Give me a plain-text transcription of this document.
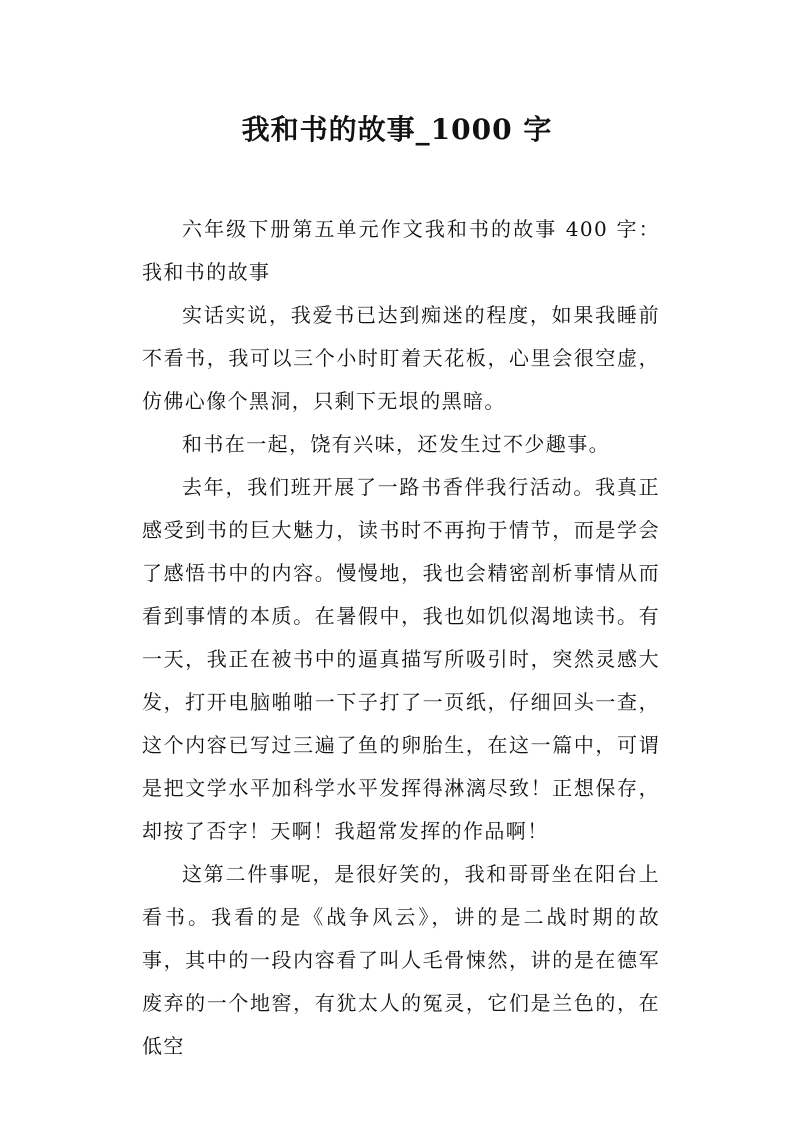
我和书的故事_1000 字

六年级下册第五单元作文我和书的故事 400 字：我和书的故事

实话实说，我爱书已达到痴迷的程度，如果我睡前不看书，我可以三个小时盯着天花板，心里会很空虚，仿佛心像个黑洞，只剩下无垠的黑暗。

和书在一起，饶有兴味，还发生过不少趣事。

去年，我们班开展了一路书香伴我行活动。我真正感受到书的巨大魅力，读书时不再拘于情节，而是学会了感悟书中的内容。慢慢地，我也会精密剖析事情从而看到事情的本质。在暑假中，我也如饥似渴地读书。有一天，我正在被书中的逼真描写所吸引时，突然灵感大发，打开电脑啪啪一下子打了一页纸，仔细回头一查，这个内容已写过三遍了鱼的卵胎生，在这一篇中，可谓是把文学水平加科学水平发挥得淋漓尽致！正想保存，却按了否字！天啊！我超常发挥的作品啊！

这第二件事呢，是很好笑的，我和哥哥坐在阳台上看书。我看的是《战争风云》，讲的是二战时期的故事，其中的一段内容看了叫人毛骨悚然，讲的是在德军废弃的一个地窖，有犹太人的冤灵，它们是兰色的，在低空
